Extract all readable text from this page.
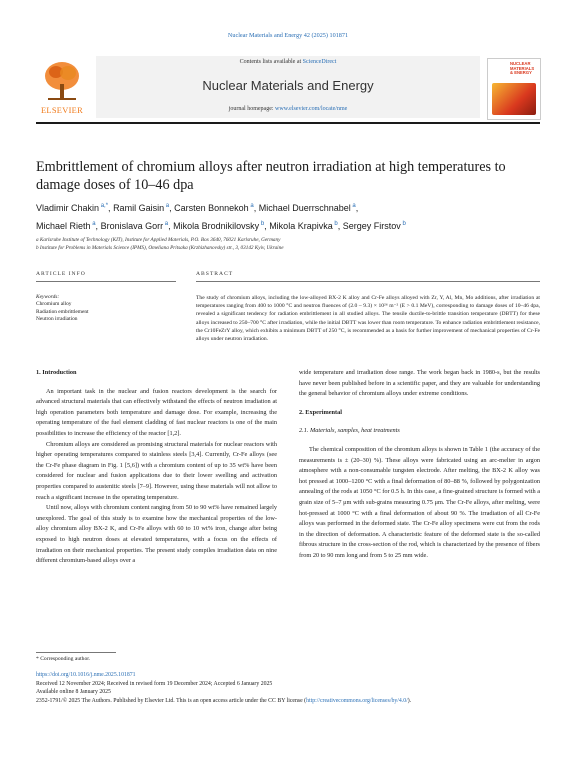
Nuclear Materials and Energy 42 (2025) 101871
ELSEVIER
Contents lists available at ScienceDirect
Nuclear Materials and Energy
journal homepage: www.elsevier.com/locate/nme
NUCLEAR MATERIALS & ENERGY
Embrittlement of chromium alloys after neutron irradiation at high temperatures to damage doses of 10–46 dpa
Vladimir Chakin $^{a,*}$, Ramil Gaisin $^a$, Carsten Bonnekoh $^a$, Michael Duerrschnabel $^a$,
Michael Rieth $^a$, Bronislava Gorr $^a$, Mikola Brodnikilovsky $^b$, Mikola Krapivka $^b$, Sergey Firstov $^b$
a Karlsruhe Institute of Technology (KIT), Institute for Applied Materials, P.O. Box 3640, 76021 Karlsruhe, Germany
b Institute for Problems in Materials Science (IPMS), Omeliana Pritsaka (Krzhizhanovsky) str., 3, 03142 Kyiv, Ukraine
ARTICLE INFO	ABSTRACT
Keywords:
Chromium alloy
Radiation embrittlement
Neutron irradiation
The study of chromium alloys, including the low-alloyed BX-2 K alloy and Cr-Fe alloys alloyed with Zr, Y, Al, Mn, Mo additions, after irradiation at temperatures ranging from 400 to 1000 °C and neutron fluences of (2.0 – 9.3) × 10²⁶ m⁻² (E > 0.1 MeV), corresponding to damage doses of 10–46 dpa, revealed a significant tendency for radiation embrittlement in all studied alloys. The tensile ductile-to-brittle transition temperature (DBTT) for these alloys increased to 250–700 °C after irradiation, while the initial DBTT was lower than room temperature. To enhance radiation embrittlement resistance, the Cr10FeZrY alloy, which exhibits a minimum DBTT of 250 °C, is recommended as a basis for further improvement of mechanical properties of Cr-Fe alloys under neutron irradiation.
1. Introduction

An important task in the nuclear and fusion reactors development is the search for advanced structural materials that can effectively withstand the effects of neutron irradiation at high operation parameters both temperature and damage dose. For example, increasing the operating temperature of the fuel element cladding of fast nuclear reactors is one of the main possibilities to increase the efficiency of the reactor [1,2].

Chromium alloys are considered as promising structural materials for nuclear reactors with higher operating temperatures compared to stainless steels [3,4]. Currently, Cr-Fe alloys (see the Cr-Fe phase diagram in Fig. 1 [5,6]) with a chromium content of up to 35 wt% have been considered for nuclear and fusion applications due to their lower swelling and activation properties compared to austenitic steels [7–9]. However, using these materials will not allow to reach a significant increase in the operating temperature.

Until now, alloys with chromium content ranging from 50 to 90 wt% have remained largely unexplored. The goal of this study is to examine how the mechanical properties of the low-alloy chromium alloy BX-2 K, and Cr-Fe alloys with 60 to 10 wt% iron, change after being exposed to high neutron doses at elevated temperatures, with a focus on the effects of irradiation on their mechanical properties. The present study compiles irradiation data on nine different chromium-based alloys over a

wide temperature and irradiation dose range. The work began back in 1980-s, but the results have never been published before in a scientific paper, and they are valuable for understanding the general behavior of chromium alloys under extreme conditions.

2. Experimental
2.1. Materials, samples, heat treatments

The chemical composition of the chromium alloys is shown in Table 1 (the accuracy of the measurements is ± (20–30) %). These alloys were fabricated using an arc-melter in argon atmosphere with a non-consumable tungsten electrode. After melting, the BX-2 K alloy was hot pressed at 1000–1200 °C with a final deformation of 80–88 %, followed by polygonization annealing of the rods at 1050 °C for 0.5 h. In this case, a fine-grained structure is formed with a grain size of 5–7 μm with sub-grains measuring 0.75 μm. The Cr-Fe alloys, after melting, were hot-pressed at 1000 °C with a final deformation of about 90 %. The irradiation of all Cr-Fe alloys was performed in the deformed state. The Cr-Fe alloy specimens were cut from the rods in the direction of deformation. A characteristic feature of the deformed state is the so-called fibrous structure in the cross-section of the rod, which is characterized by the presence of fibers from 20 to 90 mm long and from 5 to 25 mm wide.

* Corresponding author.
https://doi.org/10.1016/j.nme.2025.101871
Received 12 November 2024; Received in revised form 19 December 2024; Accepted 6 January 2025
Available online 8 January 2025
2352-1791/© 2025 The Authors. Published by Elsevier Ltd. This is an open access article under the CC BY license (http://creativecommons.org/licenses/by/4.0/).
